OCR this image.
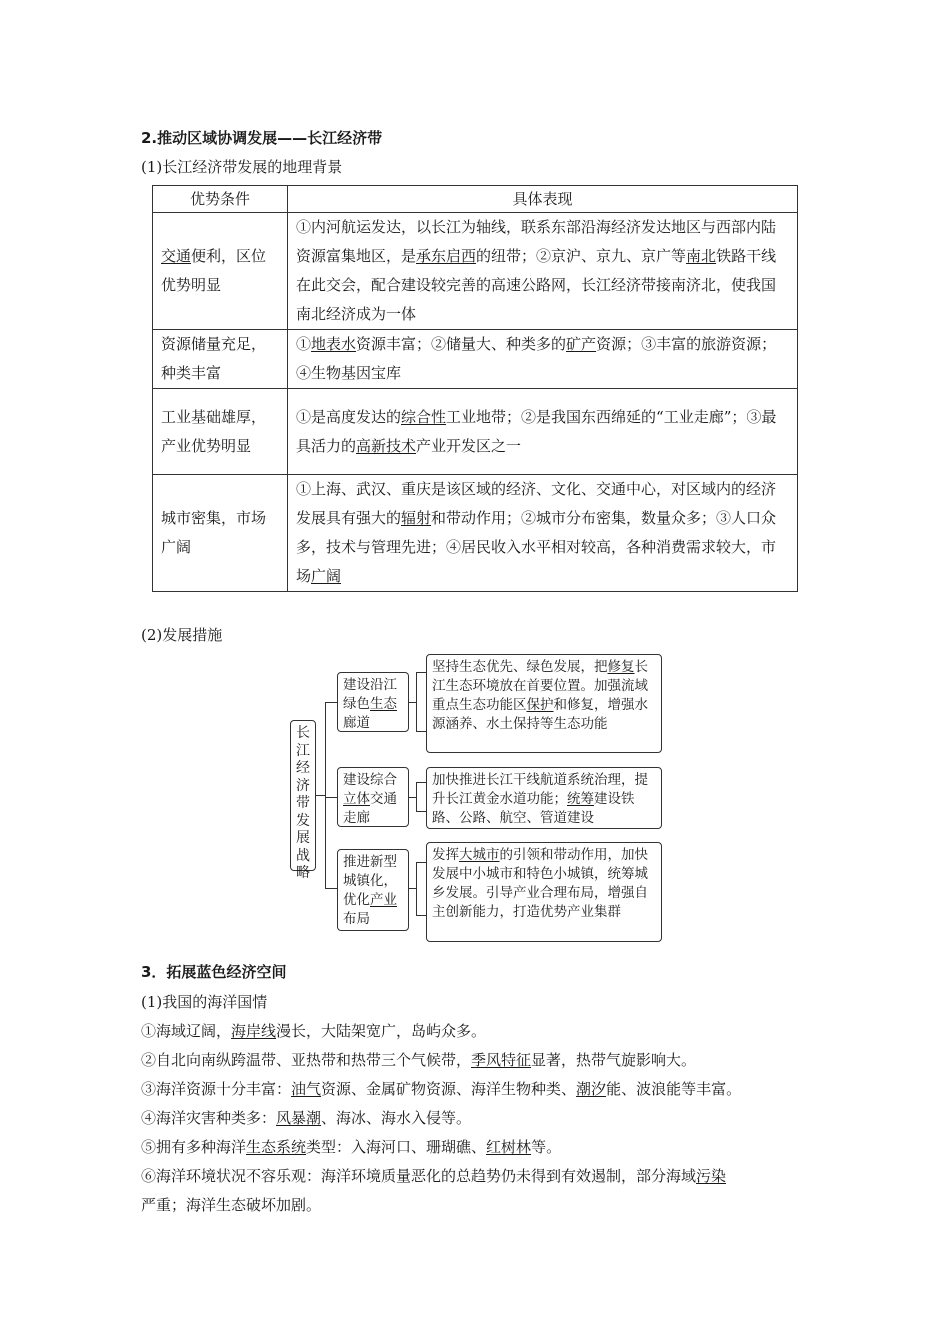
2.推动区域协调发展——长江经济带
(1)长江经济带发展的地理背景
优势条件	具体表现
交通便利，区位优势明显	①内河航运发达，以长江为轴线，联系东部沿海经济发达地区与西部内陆资源富集地区，是承东启西的纽带；②京沪、京九、京广等南北铁路干线在此交会，配合建设较完善的高速公路网，长江经济带接南济北，使我国南北经济成为一体
资源储量充足，种类丰富	①地表水资源丰富；②储量大、种类多的矿产资源；③丰富的旅游资源；④生物基因宝库
工业基础雄厚，产业优势明显	①是高度发达的综合性工业地带；②是我国东西绵延的“工业走廊”；③最具活力的高新技术产业开发区之一
城市密集，市场广阔	①上海、武汉、重庆是该区域的经济、文化、交通中心，对区域内的经济发展具有强大的辐射和带动作用；②城市分布密集，数量众多；③人口众多，技术与管理先进；④居民收入水平相对较高，各种消费需求较大，市场广阔
(2)发展措施
长江经济带发展战略
建设沿江绿色生态廊道
建设综合立体交通走廊
推进新型城镇化，优化产业布局
坚持生态优先、绿色发展，把修复长江生态环境放在首要位置。加强流域重点生态功能区保护和修复，增强水源涵养、水土保持等生态功能
加快推进长江干线航道系统治理，提升长江黄金水道功能；统筹建设铁路、公路、航空、管道建设
发挥大城市的引领和带动作用，加快发展中小城市和特色小城镇，统筹城乡发展。引导产业合理布局，增强自主创新能力，打造优势产业集群
3．拓展蓝色经济空间
(1)我国的海洋国情
①海域辽阔，海岸线漫长，大陆架宽广，岛屿众多。
②自北向南纵跨温带、亚热带和热带三个气候带，季风特征显著，热带气旋影响大。
③海洋资源十分丰富：油气资源、金属矿物资源、海洋生物种类、潮汐能、波浪能等丰富。
④海洋灾害种类多：风暴潮、海冰、海水入侵等。
⑤拥有多种海洋生态系统类型：入海河口、珊瑚礁、红树林等。
⑥海洋环境状况不容乐观：海洋环境质量恶化的总趋势仍未得到有效遏制，部分海域污染
严重；海洋生态破坏加剧。
